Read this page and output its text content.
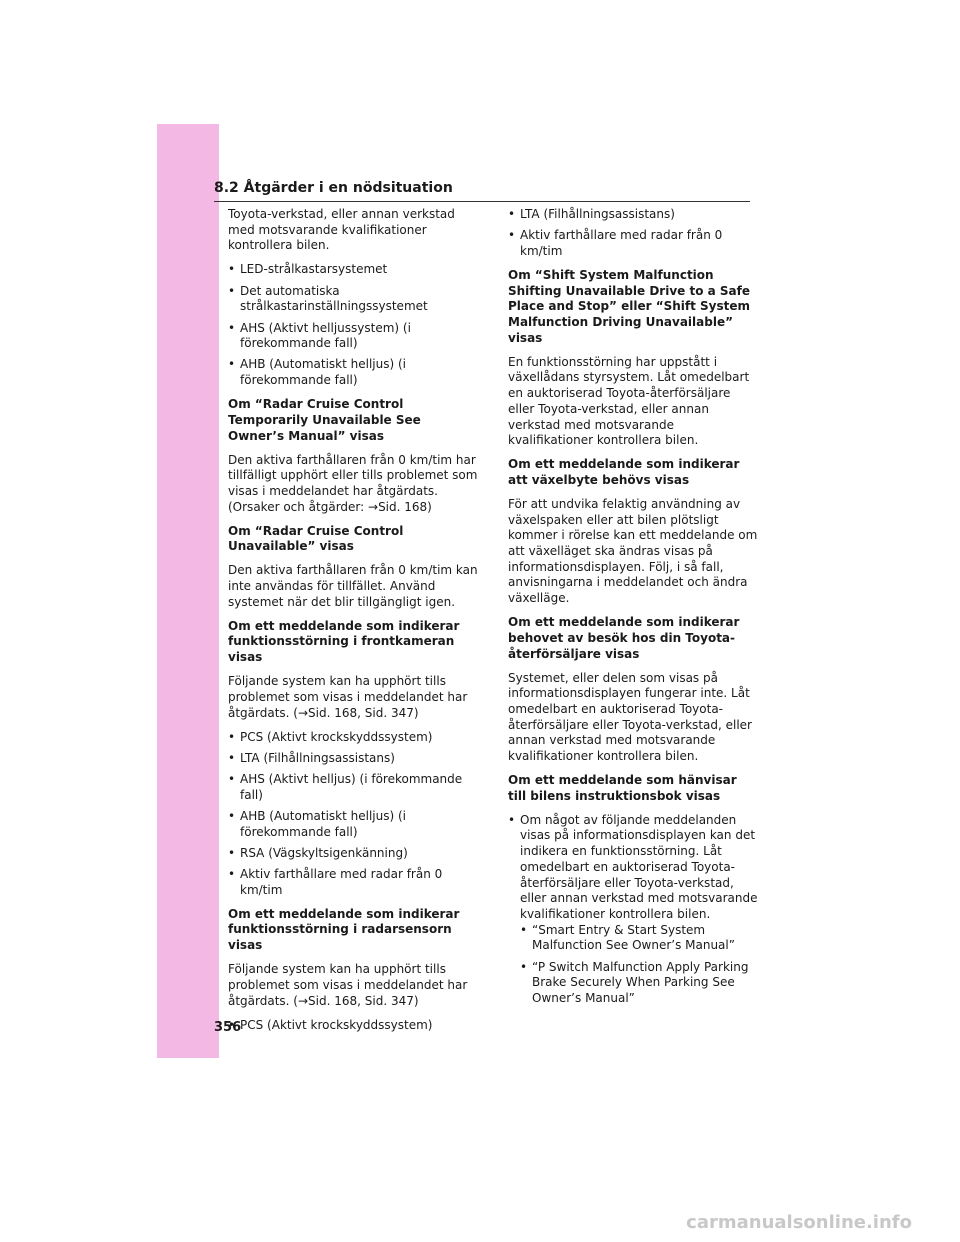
8.2 Åtgärder i en nödsituation

Toyota-verkstad, eller annan verkstad med motsvarande kvalifikationer kontrollera bilen.

• LED-strålkastarsystemet
• Det automatiska strålkastarinställningssystemet
• AHS (Aktivt helljussystem) (i förekommande fall)
• AHB (Automatiskt helljus) (i förekommande fall)
Om “Radar Cruise Control Temporarily Unavailable See Owner’s Manual” visas

Den aktiva farthållaren från 0 km/tim har tillfälligt upphört eller tills problemet som visas i meddelandet har åtgärdats. (Orsaker och åtgärder: →Sid. 168)

Om “Radar Cruise Control Unavailable” visas

Den aktiva farthållaren från 0 km/tim kan inte användas för tillfället. Använd systemet när det blir tillgängligt igen.

Om ett meddelande som indikerar funktionsstörning i frontkameran visas

Följande system kan ha upphört tills problemet som visas i meddelandet har åtgärdats. (→Sid. 168, Sid. 347)

• PCS (Aktivt krockskyddssystem)
• LTA (Filhållningsassistans)
• AHS (Aktivt helljus) (i förekommande fall)
• AHB (Automatiskt helljus) (i förekommande fall)
• RSA (Vägskyltsigenkänning)
• Aktiv farthållare med radar från 0 km/tim
Om ett meddelande som indikerar funktionsstörning i radarsensorn visas

Följande system kan ha upphört tills problemet som visas i meddelandet har åtgärdats. (→Sid. 168, Sid. 347)

• PCS (Aktivt krockskyddssystem)
• LTA (Filhållningsassistans)
• Aktiv farthållare med radar från 0 km/tim
Om “Shift System Malfunction Shifting Unavailable Drive to a Safe Place and Stop” eller “Shift System Malfunction Driving Unavailable” visas

En funktionsstörning har uppstått i växellådans styrsystem. Låt omedelbart en auktoriserad Toyota-återförsäljare eller Toyota-verkstad, eller annan verkstad med motsvarande kvalifikationer kontrollera bilen.

Om ett meddelande som indikerar att växelbyte behövs visas

För att undvika felaktig användning av växelspaken eller att bilen plötsligt kommer i rörelse kan ett meddelande om att växelläget ska ändras visas på informationsdisplayen. Följ, i så fall, anvisningarna i meddelandet och ändra växelläge.

Om ett meddelande som indikerar behovet av besök hos din Toyota-återförsäljare visas

Systemet, eller delen som visas på informationsdisplayen fungerar inte. Låt omedelbart en auktoriserad Toyota-återförsäljare eller Toyota-verkstad, eller annan verkstad med motsvarande kvalifikationer kontrollera bilen.

Om ett meddelande som hänvisar till bilens instruktionsbok visas
• Om något av följande meddelanden visas på informationsdisplayen kan det indikera en funktionsstörning. Låt omedelbart en auktoriserad Toyota-återförsäljare eller Toyota-verkstad, eller annan verkstad med motsvarande kvalifikationer kontrollera bilen.
• “Smart Entry & Start System Malfunction See Owner’s Manual”
• “P Switch Malfunction Apply Parking Brake Securely When Parking See Owner’s Manual”
356
carmanualsonline.info
